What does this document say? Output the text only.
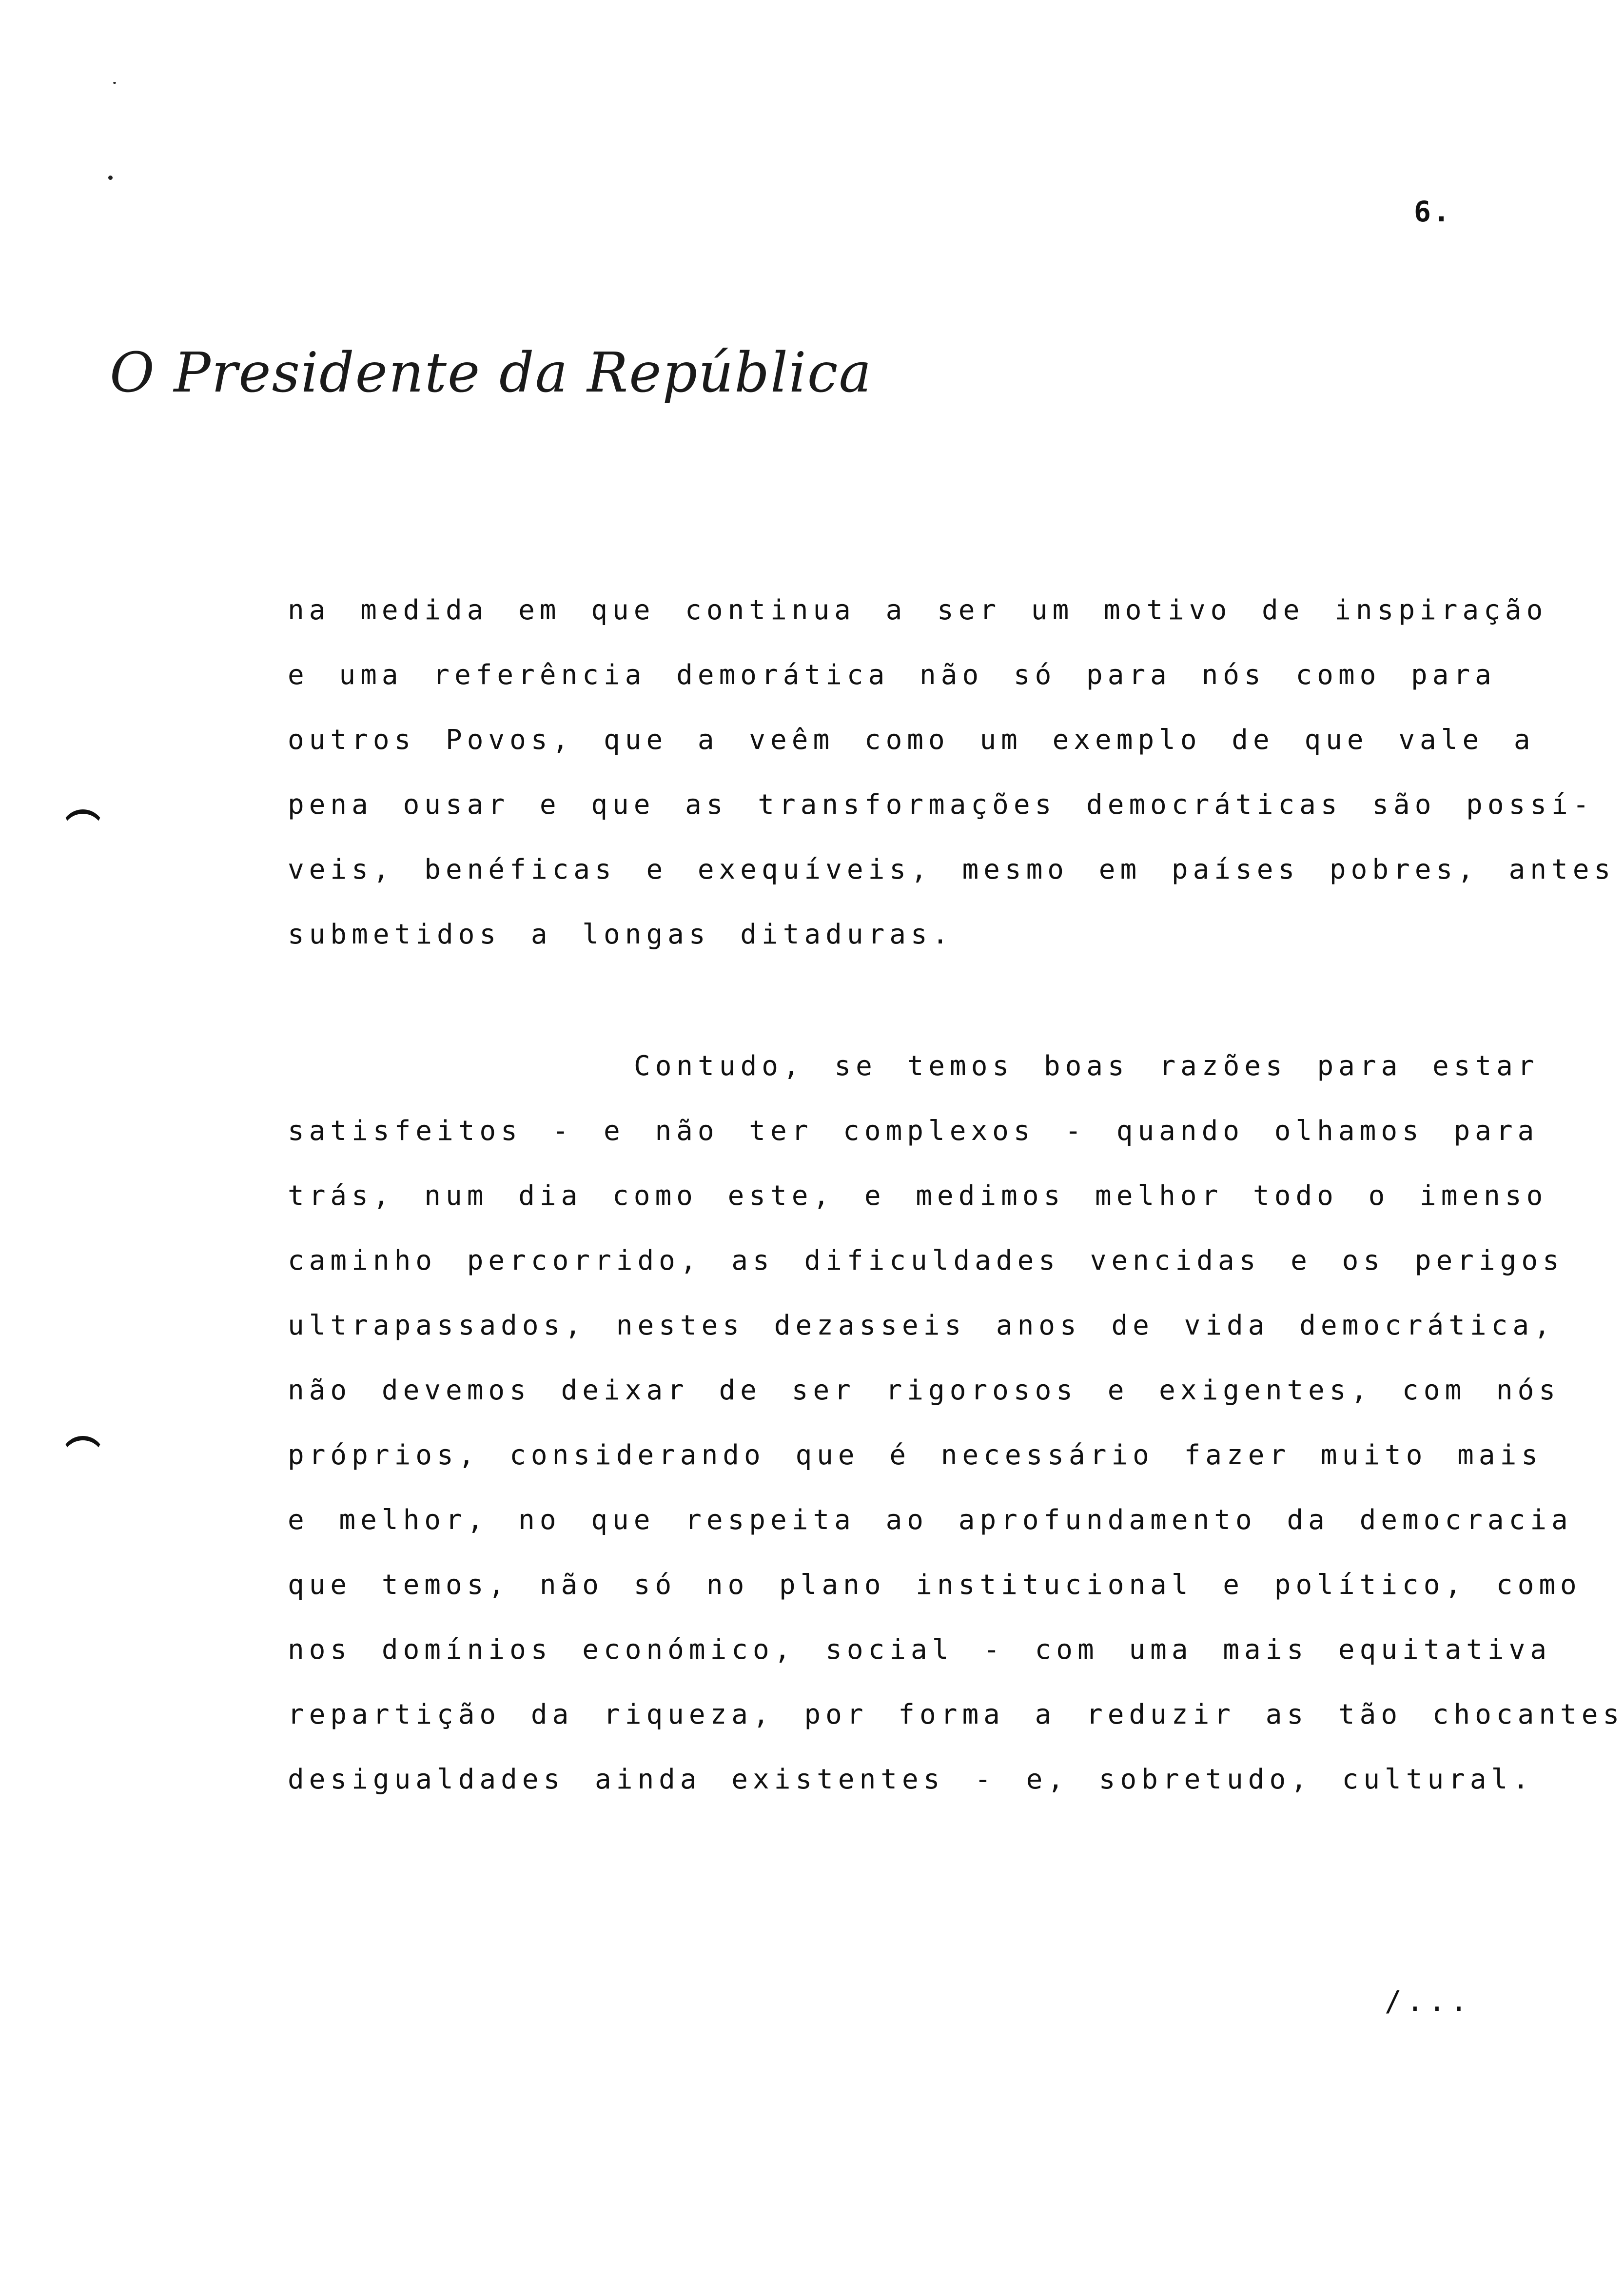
6.
O Presidente da República
na medida em que continua a ser um motivo de inspiração
e uma referência demorática não só para nós como para
outros Povos, que a veêm como um exemplo de que vale a
pena ousar e que as transformações democráticas são possí-
veis, benéficas e exequíveis, mesmo em países pobres, antes
submetidos a longas ditaduras.
Contudo, se temos boas razões para estar
satisfeitos - e não ter complexos - quando olhamos para
trás, num dia como este, e medimos melhor todo o imenso
caminho percorrido, as dificuldades vencidas e os perigos
ultrapassados, nestes dezasseis anos de vida democrática,
não devemos deixar de ser rigorosos e exigentes, com nós
próprios, considerando que é necessário fazer muito mais
e melhor, no que respeita ao aprofundamento da democracia
que temos, não só no plano institucional e político, como
nos domínios económico, social - com uma mais equitativa
repartição da riqueza, por forma a reduzir as tão chocantes
desigualdades ainda existentes - e, sobretudo, cultural.
/...
